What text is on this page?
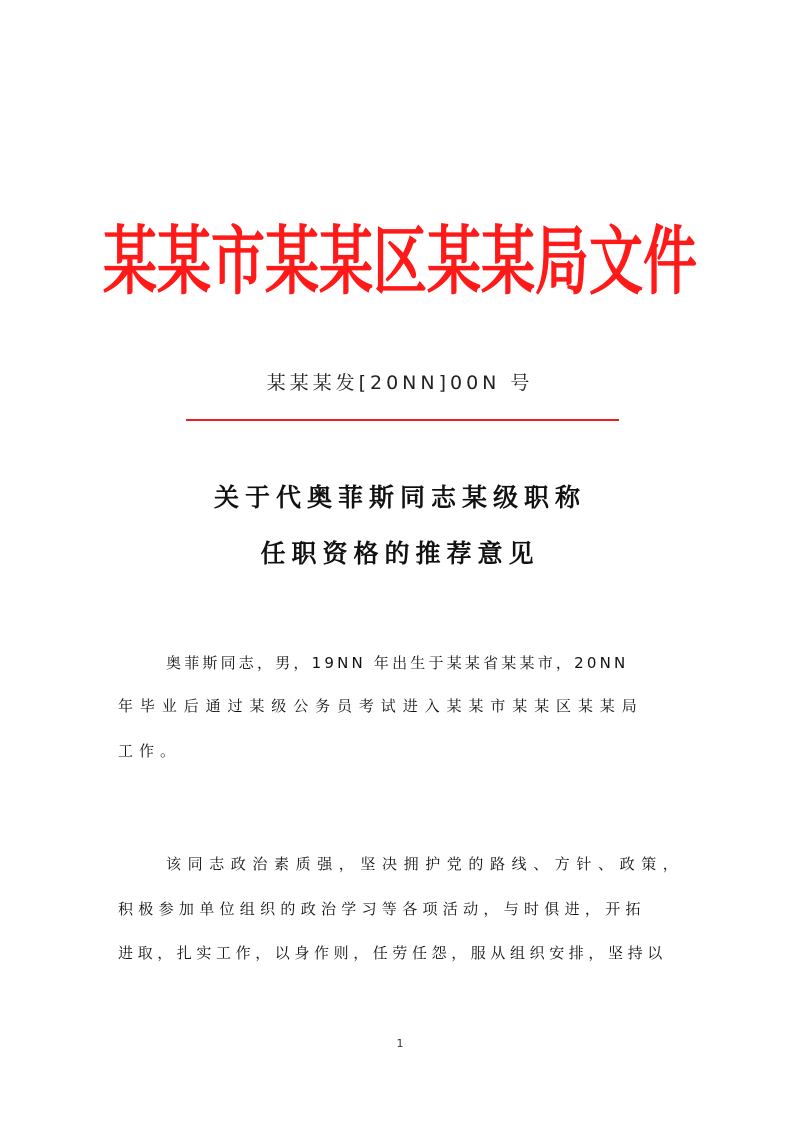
某某市某某区某某局文件
某某某发[20NN]00N 号
关于代奥菲斯同志某级职称
任职资格的推荐意见
奥菲斯同志，男，19NN 年出生于某某省某某市，20NN
年毕业后通过某级公务员考试进入某某市某某区某某局
工作。
该同志政治素质强，坚决拥护党的路线、方针、政策，
积极参加单位组织的政治学习等各项活动，与时俱进，开拓
进取，扎实工作，以身作则，任劳任怨，服从组织安排，坚持以
1
